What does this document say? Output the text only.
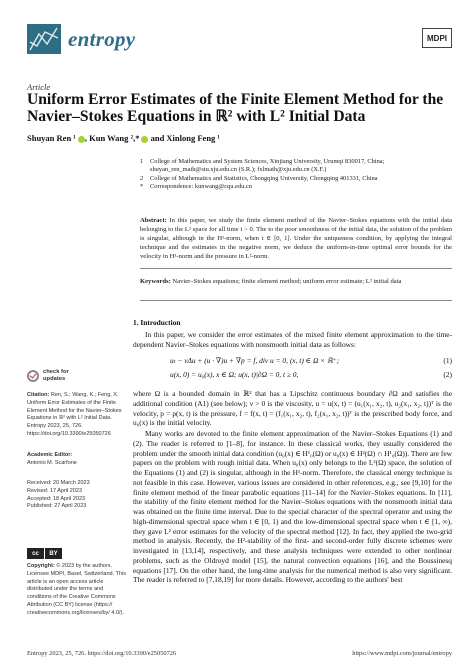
entropy	MDPI
Article
Uniform Error Estimates of the Finite Element Method for the Navier–Stokes Equations in ℝ² with L² Initial Data
Shuyan Ren ¹ , Kun Wang ²,* and Xinlong Feng ¹
1	College of Mathematics and System Sciences, Xinjiang University, Urumqi 830017, China;
shuyan_ren_math@stu.xju.edu.cn (S.R.); fxlmath@xju.edu.cn (X.F.)
2	College of Mathematics and Statistics, Chongqing University, Chongqing 401331, China
*	Correspondence: kunwang@cqu.edu.cn
Abstract: In this paper, we study the finite element method of the Navier–Stokes equations with the initial data belonging to the L² space for all time t > 0. The to the poor smoothness of the initial data, the solution of the problem is singular, although in the H¹-norm, when t ∈ [0, 1]. Under the uniqueness condition, by applying the integral technique and the estimates in the negative norm, we deduce the uniform-in-time optimal error bounds for the velocity in H¹-norm and the pressure in L²-norm.
Keywords: Navier–Stokes equations; finite element method; uniform error estimate; L² initial data
1. Introduction
In this paper, we consider the error estimates of the mixed finite element approximation to the time-dependent Navier–Stokes equations with nonsmooth initial data as follows:
uₜ − νΔu + (u · ∇)u + ∇p = f, div u = 0, (x, t) ∈ Ω × ℝ⁺;	(1)
u(x, 0) = u₀(x), x ∈ Ω; u(x, t)|∂Ω = 0, t ≥ 0,	(2)
where Ω is a bounded domain in ℝ² that has a Lipschitz continuous boundary ∂Ω and satisfies the additional condition (A1) (see below); ν > 0 is the viscosity, u = u(x, t) = (u₁(x₁, x₂, t), u₂(x₁, x₂, t))ᵀ is the velocity, p = p(x, t) is the pressure, f = f(x, t) = (f₁(x₁, x₂, t), f₂(x₁, x₂, t))ᵀ is the prescribed body force, and u₀(x) is the initial velocity.
Many works are devoted to the finite element approximation of the Navier–Stokes Equations (1) and (2). The reader is referred to [1–8], for instance. In these classical works, they usually considered the problem under the smooth initial data condition (u₀(x) ∈ H¹₀(Ω) or u₀(x) ∈ H²(Ω) ∩ H¹₀(Ω)). There are few papers on the problem with rough initial data. When u₀(x) only belongs to the L²(Ω) space, the solution of the Equations (1) and (2) is singular, although in the H¹-norm. Therefore, the classical energy technique is not feasible in this case. However, various issues are considered in other references, e.g., see [9,10] for the finite element method of the linear parabolic equations [11–14] for the Navier–Stokes equations. In [11], the stability of the finite element method for the Navier–Stokes equations with the nonsmooth initial data was obtained on the finite time interval. Due to the special character of the spectral operator and using the high-dimensional spectral space when t ∈ [0, 1) and the low-dimensional spectral space when t ∈ [1, ∞), they gave L² error estimates for the velocity of the spectral method [12]. In fact, they applied the two-grid method in analysis. Recently, the H²-stability of the first- and second-order fully discrete schemes were investigated in [13,14], respectively, and these analysis techniques were extended to other nonlinear problems, such as the Oldroyd model [15], the natural convection equations [16], and the Boussinesq equations [17]. On the other hand, the long-time analysis for the numerical method is also very significant. The reader is referred to [7,18,19] for more details. However, according to the authors' best
check for
updates
Citation: Ren, S.; Wang, K.; Feng, X. Uniform Error Estimates of the Finite Element Method for the Navier–Stokes Equations in ℝ² with L² Initial Data. Entropy 2023, 25, 726. https://doi.org/10.3390/e25050726
Academic Editor:
Antonio M. Scarfone
Received: 20 March 2023
Revised: 17 April 2023
Accepted: 18 April 2023
Published: 27 April 2023
cc	BY
Copyright: © 2023 by the authors. Licensee MDPI, Basel, Switzerland. This article is an open access article distributed under the terms and conditions of the Creative Commons Attribution (CC BY) license (https:// creativecommons.org/licenses/by/ 4.0/).
Entropy 2023, 25, 726. https://doi.org/10.3390/e25050726	https://www.mdpi.com/journal/entropy
